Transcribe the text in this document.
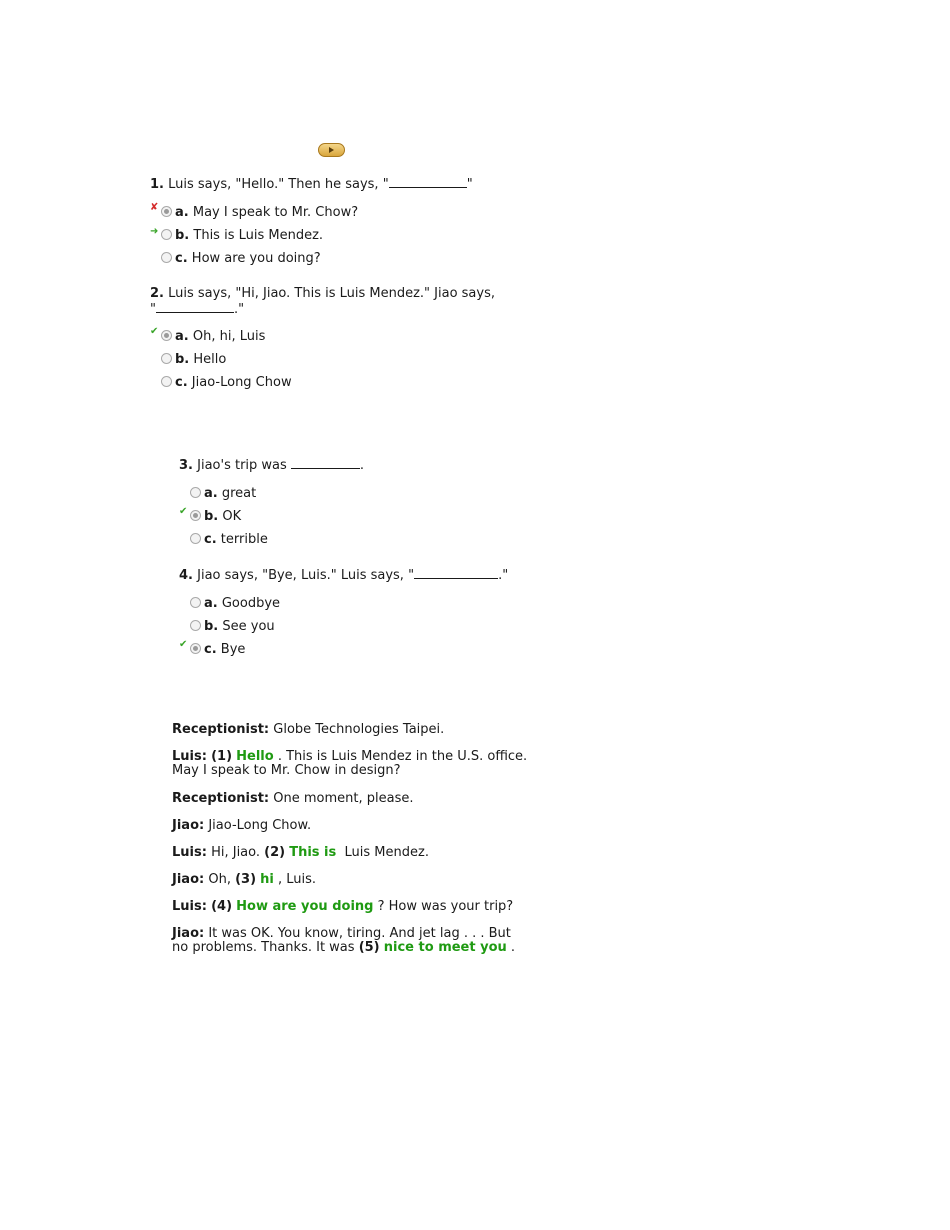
1. Luis says, "Hello." Then he says, "	"
✘	a. May I speak to Mr. Chow?
➜	b. This is Luis Mendez.
c. How are you doing?
2. Luis says, "Hi, Jiao. This is Luis Mendez." Jiao says,
"	."
✔	a. Oh, hi, Luis
b. Hello
c. Jiao-Long Chow
3. Jiao's trip was	.
a. great
✔	b. OK
c. terrible
4. Jiao says, "Bye, Luis." Luis says, "	."
a. Goodbye
b. See you
✔	c. Bye
Receptionist: Globe Technologies Taipei.
Luis: (1) Hello . This is Luis Mendez in the U.S. office.
May I speak to Mr. Chow in design?
Receptionist: One moment, please.
Jiao: Jiao-Long Chow.
Luis: Hi, Jiao. (2) This is Luis Mendez.
Jiao: Oh, (3) hi , Luis.
Luis: (4) How are you doing ? How was your trip?
Jiao: It was OK. You know, tiring. And jet lag . . . But
no problems. Thanks. It was (5) nice to meet you .
